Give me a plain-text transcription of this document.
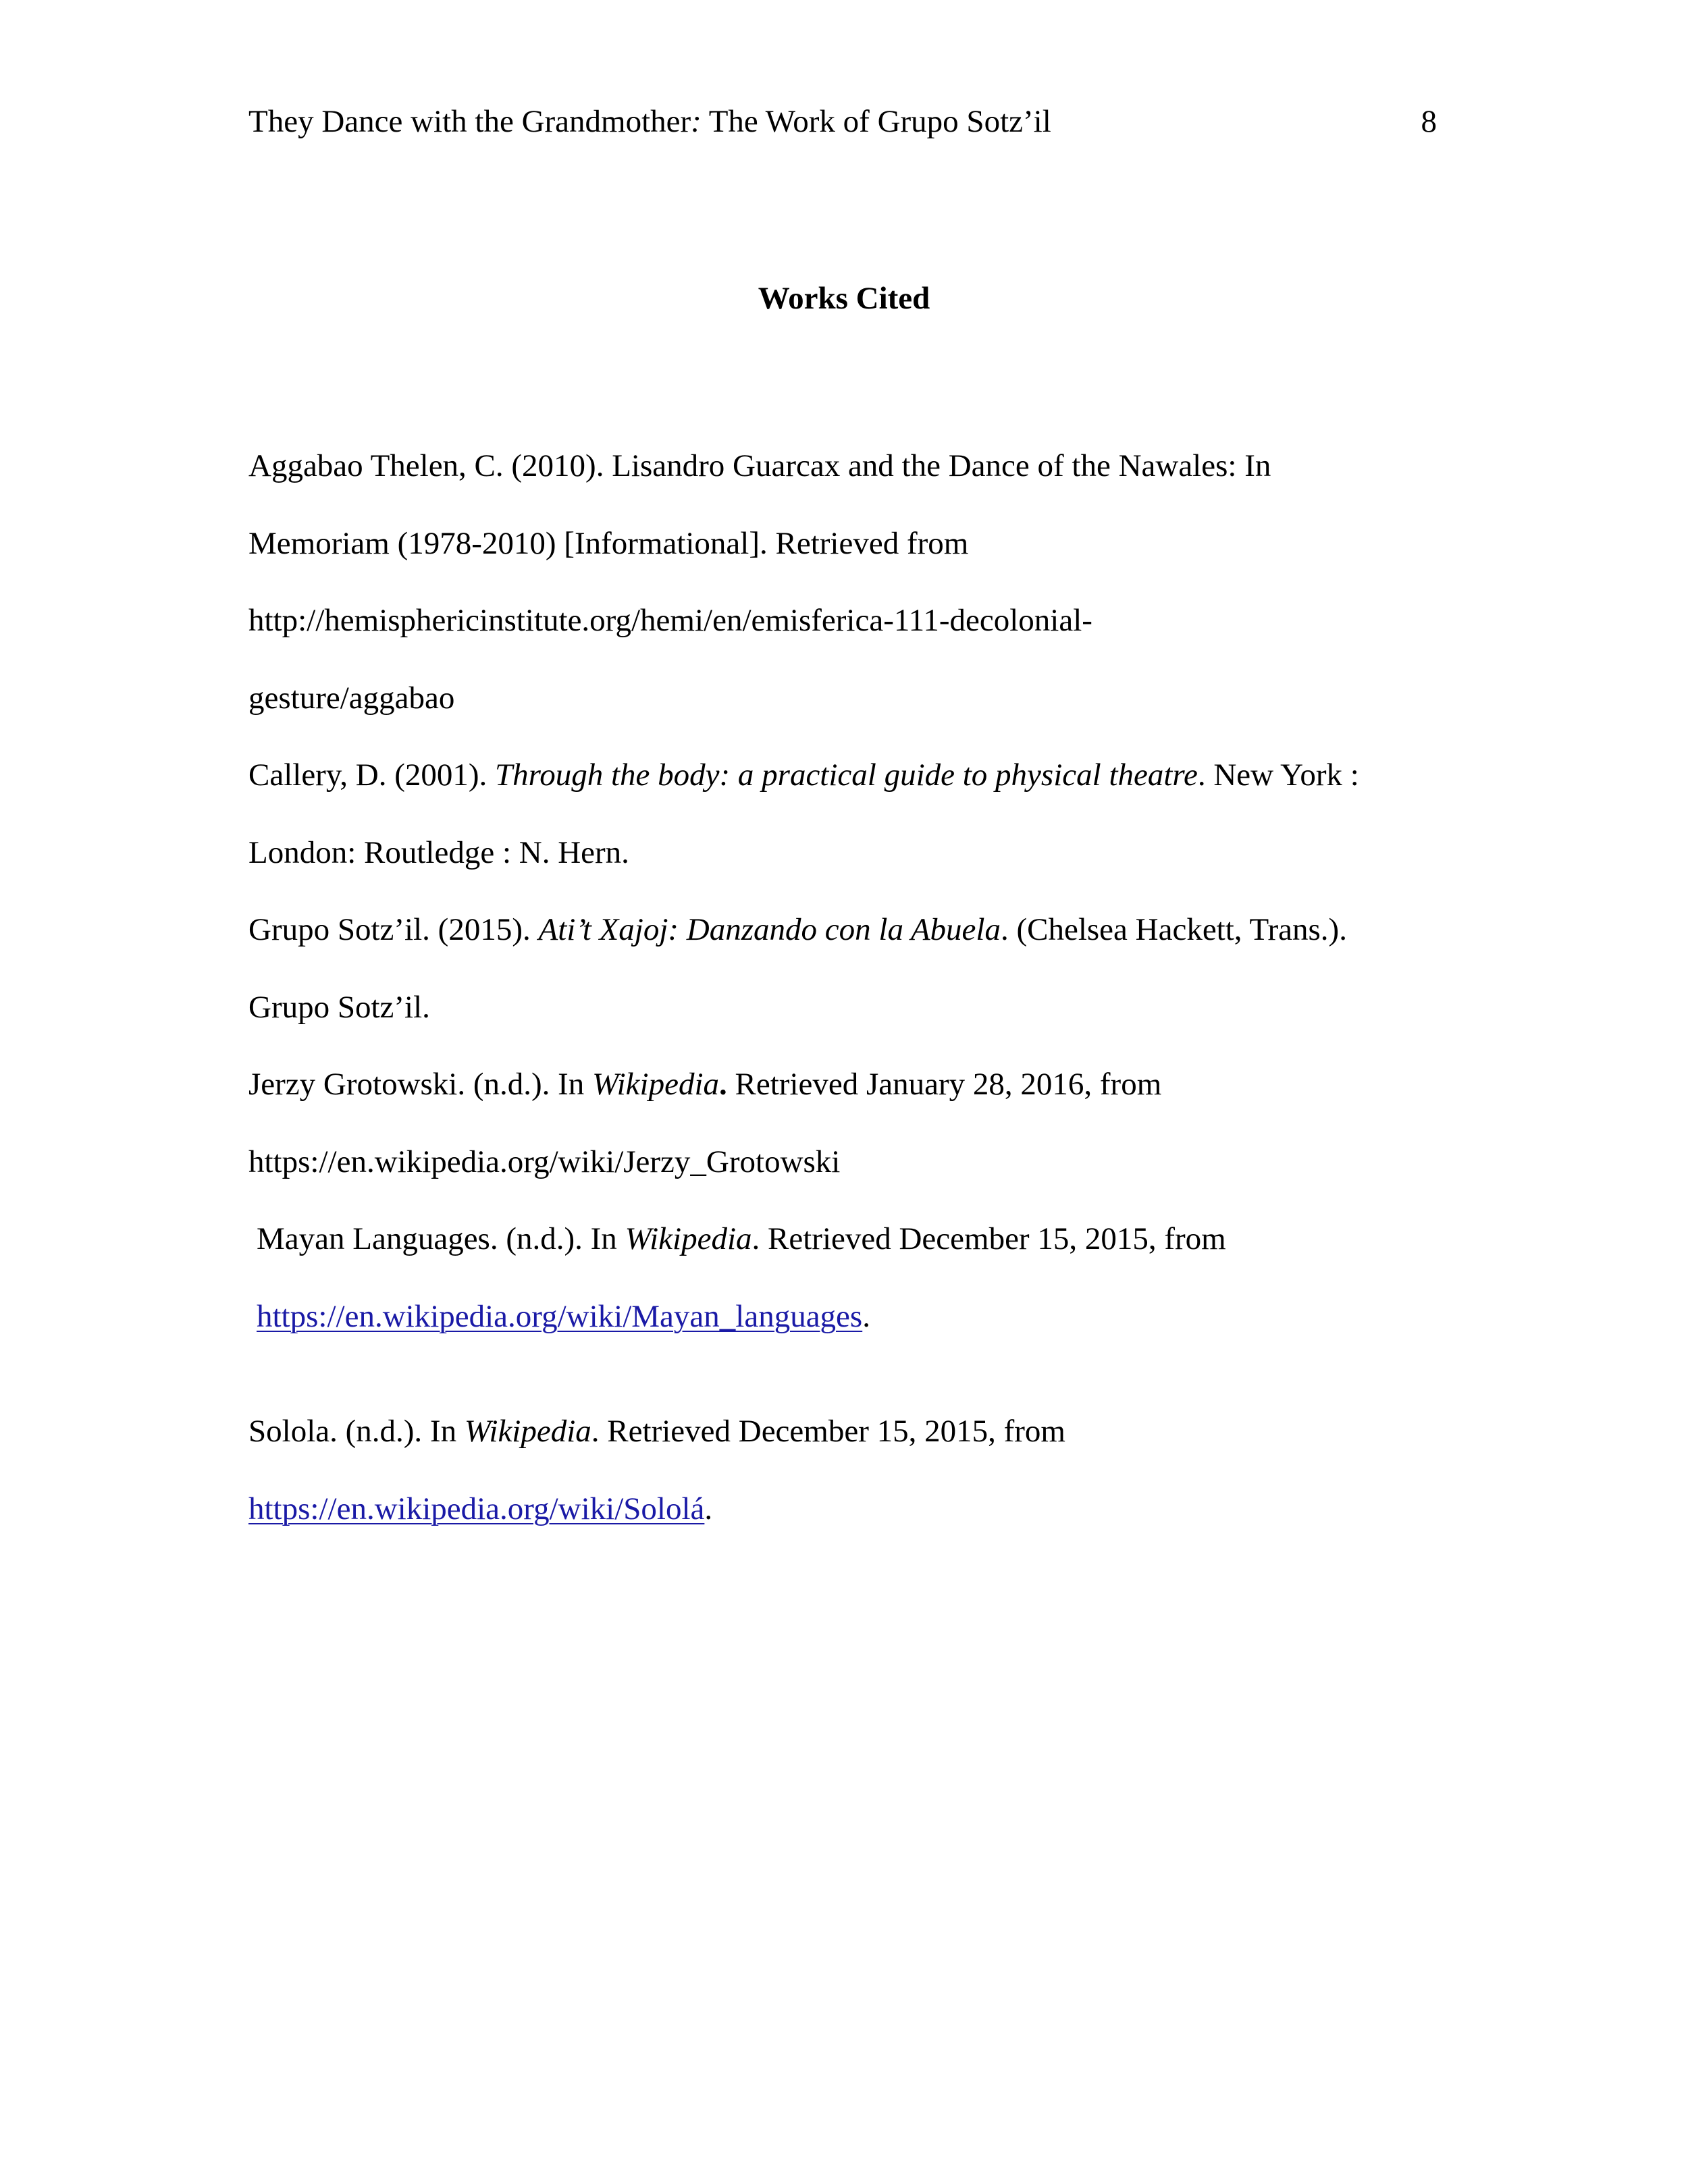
They Dance with the Grandmother: The Work of Grupo Sotz’il	8
Works Cited
Aggabao Thelen, C. (2010). Lisandro Guarcax and the Dance of the Nawales: In
Memoriam (1978-2010) [Informational]. Retrieved from
http://hemisphericinstitute.org/hemi/en/emisferica-111-decolonial-
gesture/aggabao
Callery, D. (2001). Through the body: a practical guide to physical theatre. New York :
London: Routledge : N. Hern.
Grupo Sotz’il. (2015). Ati’t Xajoj: Danzando con la Abuela. (Chelsea Hackett, Trans.).
Grupo Sotz’il.
Jerzy Grotowski. (n.d.). In Wikipedia. Retrieved January 28, 2016, from
https://en.wikipedia.org/wiki/Jerzy_Grotowski
Mayan Languages. (n.d.). In Wikipedia. Retrieved December 15, 2015, from
https://en.wikipedia.org/wiki/Mayan_languages.
Solola. (n.d.). In Wikipedia. Retrieved December 15, 2015, from
https://en.wikipedia.org/wiki/Sololá.
